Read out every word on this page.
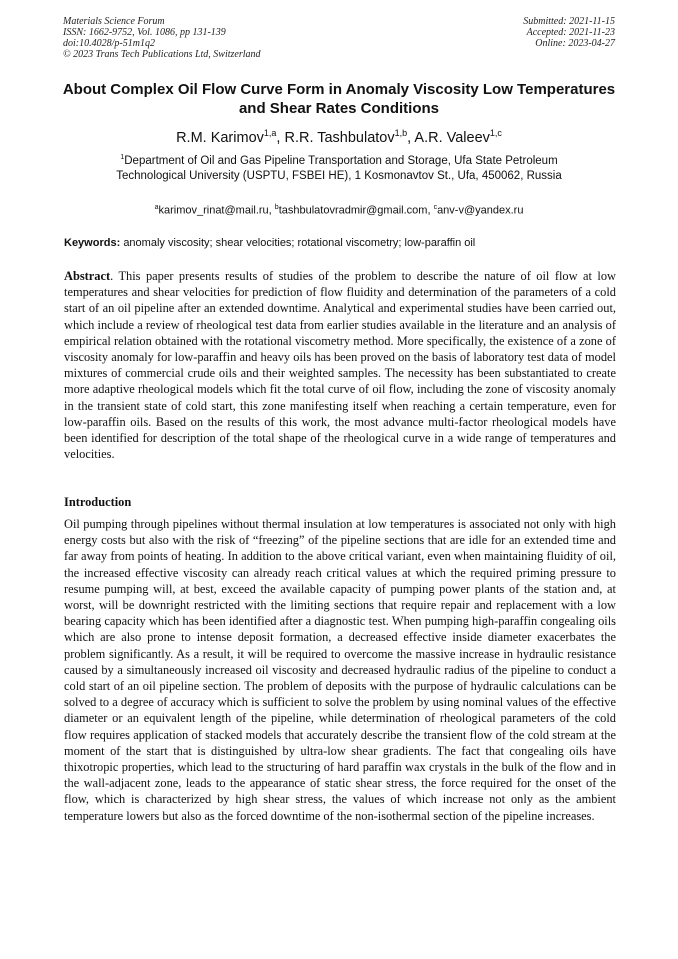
Materials Science Forum
ISSN: 1662-9752, Vol. 1086, pp 131-139
doi:10.4028/p-51m1q2
© 2023 Trans Tech Publications Ltd, Switzerland
Submitted: 2021-11-15
Accepted: 2021-11-23
Online: 2023-04-27
About Complex Oil Flow Curve Form in Anomaly Viscosity Low Temperatures and Shear Rates Conditions
R.M. Karimov$^{1,a}$, R.R. Tashbulatov$^{1,b}$, A.R. Valeev$^{1,c}$
$^1$Department of Oil and Gas Pipeline Transportation and Storage, Ufa State Petroleum Technological University (USPTU, FSBEI HE), 1 Kosmonavtov St., Ufa, 450062, Russia
$^a$karimov_rinat@mail.ru, $^b$tashbulatovradmir@gmail.com, $^c$anv-v@yandex.ru
Keywords: anomaly viscosity; shear velocities; rotational viscometry; low-paraffin oil
Abstract. This paper presents results of studies of the problem to describe the nature of oil flow at low temperatures and shear velocities for prediction of flow fluidity and determination of the parameters of a cold start of an oil pipeline after an extended downtime. Analytical and experimental studies have been carried out, which include a review of rheological test data from earlier studies available in the literature and an analysis of empirical relation obtained with the rotational viscometry method. More specifically, the existence of a zone of viscosity anomaly for low-paraffin and heavy oils has been proved on the basis of laboratory test data of model mixtures of commercial crude oils and their weighted samples. The necessity has been substantiated to create more adaptive rheological models which fit the total curve of oil flow, including the zone of viscosity anomaly in the transient state of cold start, this zone manifesting itself when reaching a certain temperature, even for low-paraffin oils. Based on the results of this work, the most advance multi-factor rheological models have been identified for description of the total shape of the rheological curve in a wide range of temperatures and velocities.
Introduction
Oil pumping through pipelines without thermal insulation at low temperatures is associated not only with high energy costs but also with the risk of “freezing” of the pipeline sections that are idle for an extended time and far away from points of heating. In addition to the above critical variant, even when maintaining fluidity of oil, the increased effective viscosity can already reach critical values at which the required priming pressure to resume pumping will, at best, exceed the available capacity of pumping power plants of the station and, at worst, will be downright restricted with the limiting sections that require repair and replacement with a low bearing capacity which has been identified after a diagnostic test. When pumping high-paraffin congealing oils which are also prone to intense deposit formation, a decreased effective inside diameter exacerbates the problem significantly. As a result, it will be required to overcome the massive increase in hydraulic resistance caused by a simultaneously increased oil viscosity and decreased hydraulic radius of the pipeline to conduct a cold start of an oil pipeline section. The problem of deposits with the purpose of hydraulic calculations can be solved to a degree of accuracy which is sufficient to solve the problem by using nominal values of the effective diameter or an equivalent length of the pipeline, while determination of rheological parameters of the cold flow requires application of stacked models that accurately describe the transient flow of the cold stream at the moment of the start that is distinguished by ultra-low shear gradients. The fact that congealing oils have thixotropic properties, which lead to the structuring of hard paraffin wax crystals in the bulk of the flow and in the wall-adjacent zone, leads to the appearance of static shear stress, the force required for the onset of the flow, which is characterized by high shear stress, the values of which increase not only as the ambient temperature lowers but also as the forced downtime of the non-isothermal section of the pipeline increases.
